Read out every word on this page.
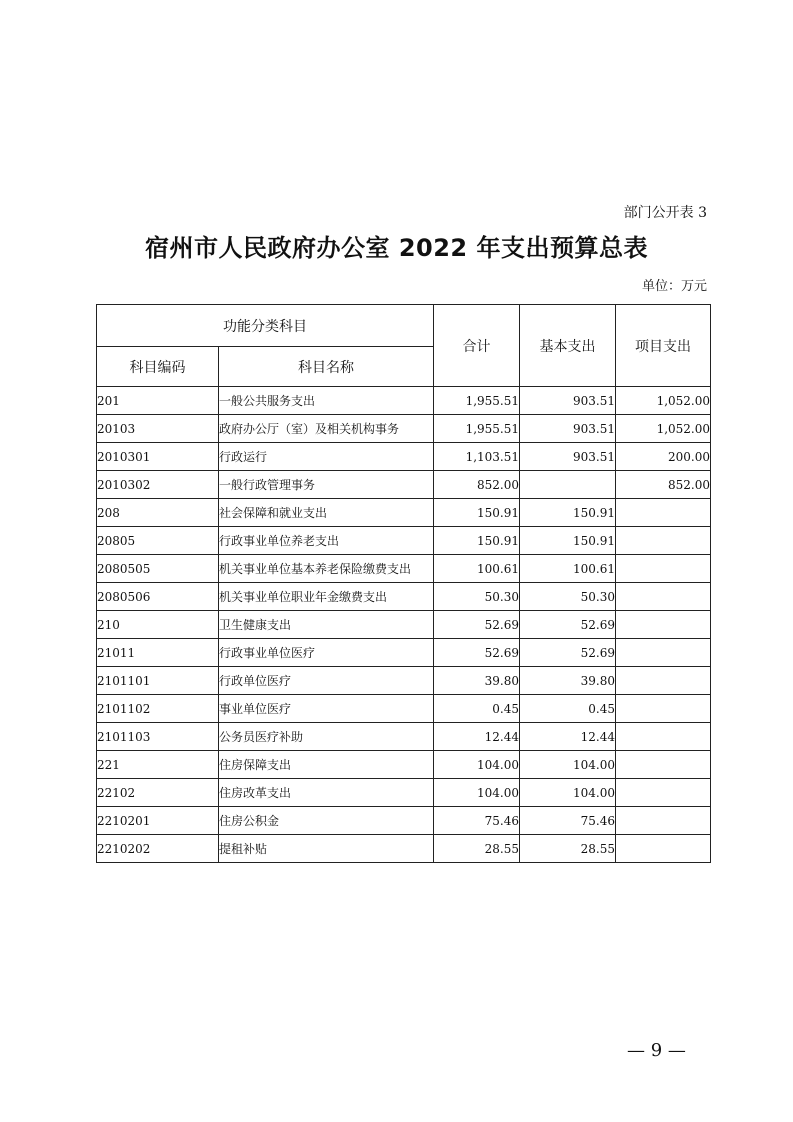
部门公开表 3
宿州市人民政府办公室 2022 年支出预算总表
单位：万元
功能分类科目		合计	基本支出	项目支出
科目编码	科目名称			
201	一般公共服务支出	1,955.51	903.51	1,052.00
20103	政府办公厅（室）及相关机构事务	1,955.51	903.51	1,052.00
2010301	行政运行	1,103.51	903.51	200.00
2010302	一般行政管理事务	852.00		852.00
208	社会保障和就业支出	150.91	150.91	
20805	行政事业单位养老支出	150.91	150.91	
2080505	机关事业单位基本养老保险缴费支出	100.61	100.61	
2080506	机关事业单位职业年金缴费支出	50.30	50.30	
210	卫生健康支出	52.69	52.69	
21011	行政事业单位医疗	52.69	52.69	
2101101	行政单位医疗	39.80	39.80	
2101102	事业单位医疗	0.45	0.45	
2101103	公务员医疗补助	12.44	12.44	
221	住房保障支出	104.00	104.00	
22102	住房改革支出	104.00	104.00	
2210201	住房公积金	75.46	75.46	
2210202	提租补贴	28.55	28.55	
— 9 —
